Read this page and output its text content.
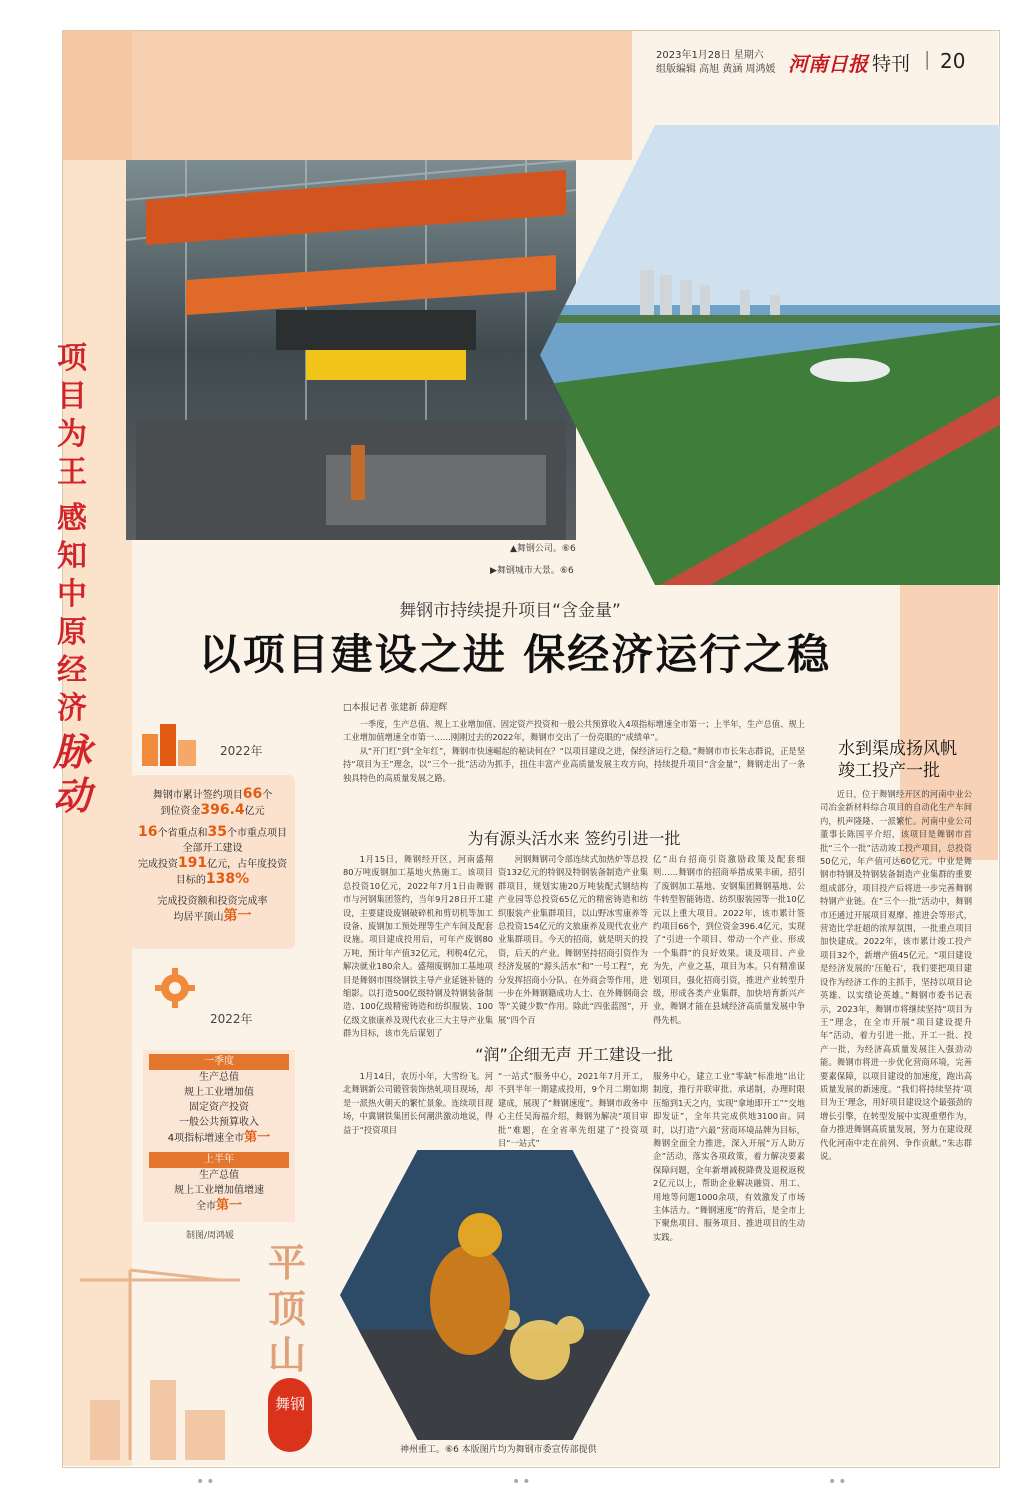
2023年1月28日 星期六
组版编辑 高旭 黄涵 周鸿媛 河南日报 特刊 | 20
项目为王
感知中原经济
脉动
▲舞钢公司。⑥6
▶舞钢城市大景。⑥6
舞钢市持续提升项目“含金量”
以项目建设之进 保经济运行之稳
□本报记者 张建新 薛迎辉
一季度，生产总值、规上工业增加值、固定资产投资和一般公共预算收入4项指标增速全市第一；上半年，生产总值、规上工业增加值增速全市第一……刚刚过去的2022年，舞钢市交出了一份亮眼的“成绩单”。
从“开门红”到“全年红”，舞钢市快速崛起的秘诀何在？“以项目建设之进，保经济运行之稳。”舞钢市市长朱志群说，正是坚持“项目为王”理念，以“三个一批”活动为抓手，扭住丰富产业高质量发展主攻方向，持续提升项目“含金量”，舞钢走出了一条独具特色的高质量发展之路。
为有源头活水来 签约引进一批
1月15日，舞钢经开区，河南盛翔80万吨废钢加工基地火热施工。该项目总投资10亿元，2022年7月1日由舞钢市与河钢集团签约，当年9月28日开工建设，主要建设废钢破碎机和剪切机等加工设备、废钢加工预处理等生产车间及配套设施。项目建成投用后，可年产废钢80万吨，预计年产值32亿元，利税4亿元，解决就业180余人。盛翔废钢加工基地项目是舞钢市围绕钢铁主导产业延链补链的缩影。以打造500亿级特钢及特钢装备制造、100亿级精密铸造和纺织服装、100亿级文旅康养及现代农业三大主导产业集群为目标，该市先后谋划了
河钢舞钢司令部连续式加热炉等总投资132亿元的特钢及特钢装备制造产业集群项目，规划实施20万吨装配式钢结构产业园等总投资65亿元的精密铸造和纺织服装产业集群项目，以山野冰雪康养等总投资154亿元的文旅康养及现代农业产业集群项目。今天的招商，就是明天的投资，后天的产业。舞钢坚持招商引资作为经济发展的“源头活水”和“一号工程”，充分发挥招商小分队、在外商会等作用，进一步在外舞钢籍成功人士、在外舞钢商会等“关键少数”作用。除此“四张蓝图”，开展“四个百
亿”出台招商引资激励政策及配套细则……舞钢市的招商举措成果丰硕，招引了废钢加工基地、安钢集团舞钢基地、公牛转型智能铸造、纺织服装园等一批10亿元以上重大项目。2022年，该市累计签约项目66个，到位资金396.4亿元，实现了“引进一个项目、带动一个产业、形成一个集群”的良好效果。谈及项目、产业为先，产业之基，项目为本。只有精准谋划项目，强化招商引资，推进产业转型升级，形成各类产业集群，加快培育新兴产业，舞钢才能在县域经济高质量发展中争得先机。
“润”企细无声 开工建设一批
1月14日，农历小年，大雪纷飞。河北舞钢新公司锻管装饰热轧项目现场，却是一派热火朝天的繁忙景象。连续项目现场，中冀钢铁集团长何潮洪激动地说，得益于“投资项目
“一站式”服务中心，2021年7月开工，不到半年一期建成投用，9个月二期如期建成，展现了“舞钢速度”。舞钢市政务中心主任吴海福介绍，舞钢为解决“项目审批”难题，在全省率先组建了“投资项目“一站式”
服务中心，建立工业“零缺”标准地”出让制度，推行并联审批、承诺制，办理时限压缩到1天之内，实现“拿地即开工”“交地即发证”，全年共完成供地3100亩。同时，以打造“六最”营商环境品牌为目标，舞钢全面全力推进，深入开展“万人助万企”活动，落实各项政策，着力解决要素保障问题，全年新增减税降费及退税返税2亿元以上，帮助企业解决融资、用工、用地等问题1000余项，有效激发了市场主体活力。“舞钢速度”的背后，是全市上下聚焦项目、服务项目、推进项目的生动实践。
神州重工。⑥6 本版图片均为舞钢市委宣传部提供
水到渠成扬风帆
竣工投产一批
近日，位于舞钢经开区的河南中业公司冶金新材料综合项目的自动化生产车间内，机声隆隆、一派繁忙。河南中业公司董事长陈国平介绍，该项目是舞钢市首批“三个一批”活动竣工投产项目，总投资50亿元，年产值可达60亿元。中业是舞钢市特钢及特钢装备制造产业集群的重要组成部分，项目投产后将进一步完善舞钢特钢产业链。在“三个一批”活动中，舞钢市还通过开展项目观摩、推进会等形式，营造比学赶超的浓厚氛围，一批重点项目加快建成。2022年，该市累计竣工投产项目32个，新增产值45亿元。“项目建设是经济发展的‘压舱石’，我们要把项目建设作为经济工作的主抓手，坚持以项目论英雄、以实绩论英雄。”舞钢市委书记表示，2023年，舞钢市将继续坚持“项目为王”理念，在全市开展“项目建设提升年”活动，着力引进一批、开工一批、投产一批，为经济高质量发展注入强劲动能。舞钢市将进一步优化营商环境，完善要素保障，以项目建设的加速度，跑出高质量发展的新速度。“我们将持续坚持‘项目为王’理念，用好项目建设这个最强劲的增长引擎，在转型发展中实现重塑作为，奋力推进舞钢高质量发展，努力在建设现代化河南中走在前列、争作贡献。”朱志群说。
2022年
舞钢市累计签约项目66个
到位资金396.4亿元
16个省重点和35个市重点项目
全部开工建设
完成投资191亿元，占年度投资
目标的138%
完成投资额和投资完成率
均居平顶山第一
2022年
一季度
生产总值
规上工业增加值
固定资产投资
一般公共预算收入
4项指标增速全市第一
上半年
生产总值
规上工业增加值增速
全市第一
制图/周鸿媛
平顶山
舞钢
••	••	••
